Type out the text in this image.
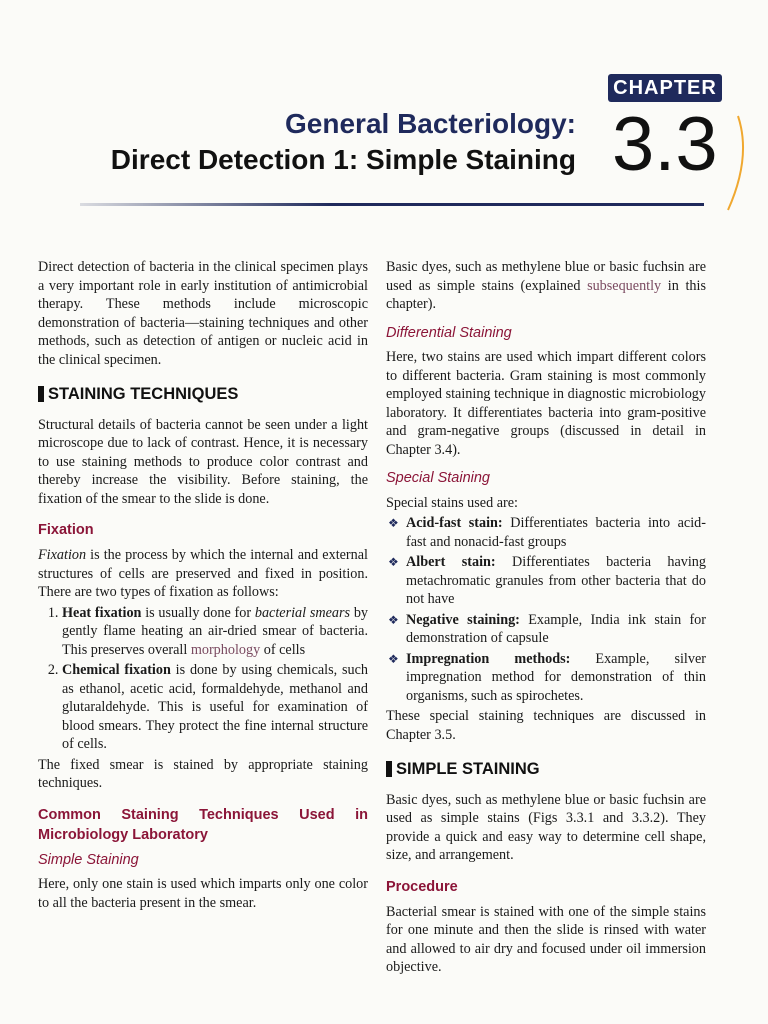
CHAPTER
3.3
General Bacteriology:
Direct Detection 1: Simple Staining

Direct detection of bacteria in the clinical specimen plays a very important role in early institution of antimicrobial therapy. These methods include microscopic demonstration of bacteria—staining techniques and other methods, such as detection of antigen or nucleic acid in the clinical specimen.

STAINING TECHNIQUES

Structural details of bacteria cannot be seen under a light microscope due to lack of contrast. Hence, it is necessary to use staining methods to produce color contrast and thereby increase the visibility. Before staining, the fixation of the smear to the slide is done.

Fixation

Fixation is the process by which the internal and external structures of cells are preserved and fixed in position. There are two types of fixation as follows:

1. Heat fixation is usually done for bacterial smears by gently flame heating an air-dried smear of bacteria. This preserves overall morphology of cells
2. Chemical fixation is done by using chemicals, such as ethanol, acetic acid, formaldehyde, methanol and glutaraldehyde. This is useful for examination of blood smears. They protect the fine internal structure of cells.

The fixed smear is stained by appropriate staining techniques.

Common Staining Techniques Used in Microbiology Laboratory
Simple Staining

Here, only one stain is used which imparts only one color to all the bacteria present in the smear.

Basic dyes, such as methylene blue or basic fuchsin are used as simple stains (explained subsequently in this chapter).

Differential Staining

Here, two stains are used which impart different colors to different bacteria. Gram staining is most commonly employed staining technique in diagnostic microbiology laboratory. It differentiates bacteria into gram-positive and gram-negative groups (discussed in detail in Chapter 3.4).

Special Staining

Special stains used are:

❖ Acid-fast stain: Differentiates bacteria into acid-fast and nonacid-fast groups
❖ Albert stain: Differentiates bacteria having metachromatic granules from other bacteria that do not have
❖ Negative staining: Example, India ink stain for demonstration of capsule
❖ Impregnation methods: Example, silver impregnation method for demonstration of thin organisms, such as spirochetes.

These special staining techniques are discussed in Chapter 3.5.

SIMPLE STAINING

Basic dyes, such as methylene blue or basic fuchsin are used as simple stains (Figs 3.3.1 and 3.3.2). They provide a quick and easy way to determine cell shape, size, and arrangement.

Procedure

Bacterial smear is stained with one of the simple stains for one minute and then the slide is rinsed with water and allowed to air dry and focused under oil immersion objective.
